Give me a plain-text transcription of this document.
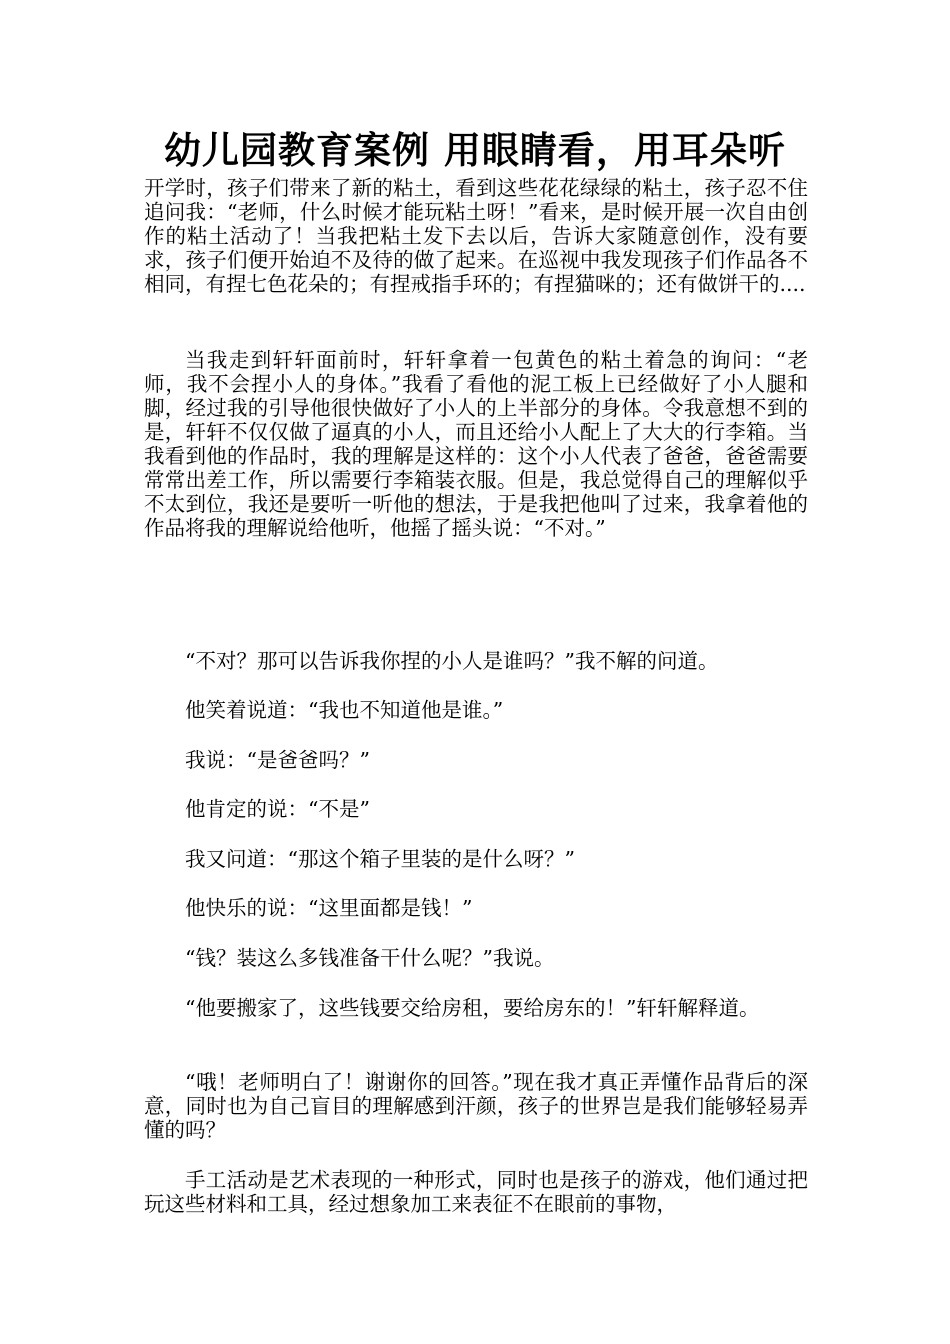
幼儿园教育案例 用眼睛看，用耳朵听
开学时，孩子们带来了新的粘土，看到这些花花绿绿的粘土，孩子忍不住追问我：“老师，什么时候才能玩粘土呀！”看来，是时候开展一次自由创作的粘土活动了！当我把粘土发下去以后，告诉大家随意创作，没有要求，孩子们便开始迫不及待的做了起来。在巡视中我发现孩子们作品各不相同，有捏七色花朵的；有捏戒指手环的；有捏猫咪的；还有做饼干的....
当我走到轩轩面前时，轩轩拿着一包黄色的粘土着急的询问：“老师，我不会捏小人的身体。”我看了看他的泥工板上已经做好了小人腿和脚，经过我的引导他很快做好了小人的上半部分的身体。令我意想不到的是，轩轩不仅仅做了逼真的小人，而且还给小人配上了大大的行李箱。当我看到他的作品时，我的理解是这样的：这个小人代表了爸爸，爸爸需要常常出差工作，所以需要行李箱装衣服。但是，我总觉得自己的理解似乎不太到位，我还是要听一听他的想法，于是我把他叫了过来，我拿着他的作品将我的理解说给他听，他摇了摇头说：“不对。”
“不对？那可以告诉我你捏的小人是谁吗？”我不解的问道。
他笑着说道：“我也不知道他是谁。”
我说：“是爸爸吗？”
他肯定的说：“不是”
我又问道：“那这个箱子里装的是什么呀？”
他快乐的说：“这里面都是钱！”
“钱？装这么多钱准备干什么呢？”我说。
“他要搬家了，这些钱要交给房租，要给房东的！”轩轩解释道。
“哦！老师明白了！谢谢你的回答。”现在我才真正弄懂作品背后的深意，同时也为自己盲目的理解感到汗颜，孩子的世界岂是我们能够轻易弄懂的吗？
手工活动是艺术表现的一种形式，同时也是孩子的游戏，他们通过把玩这些材料和工具，经过想象加工来表征不在眼前的事物，
